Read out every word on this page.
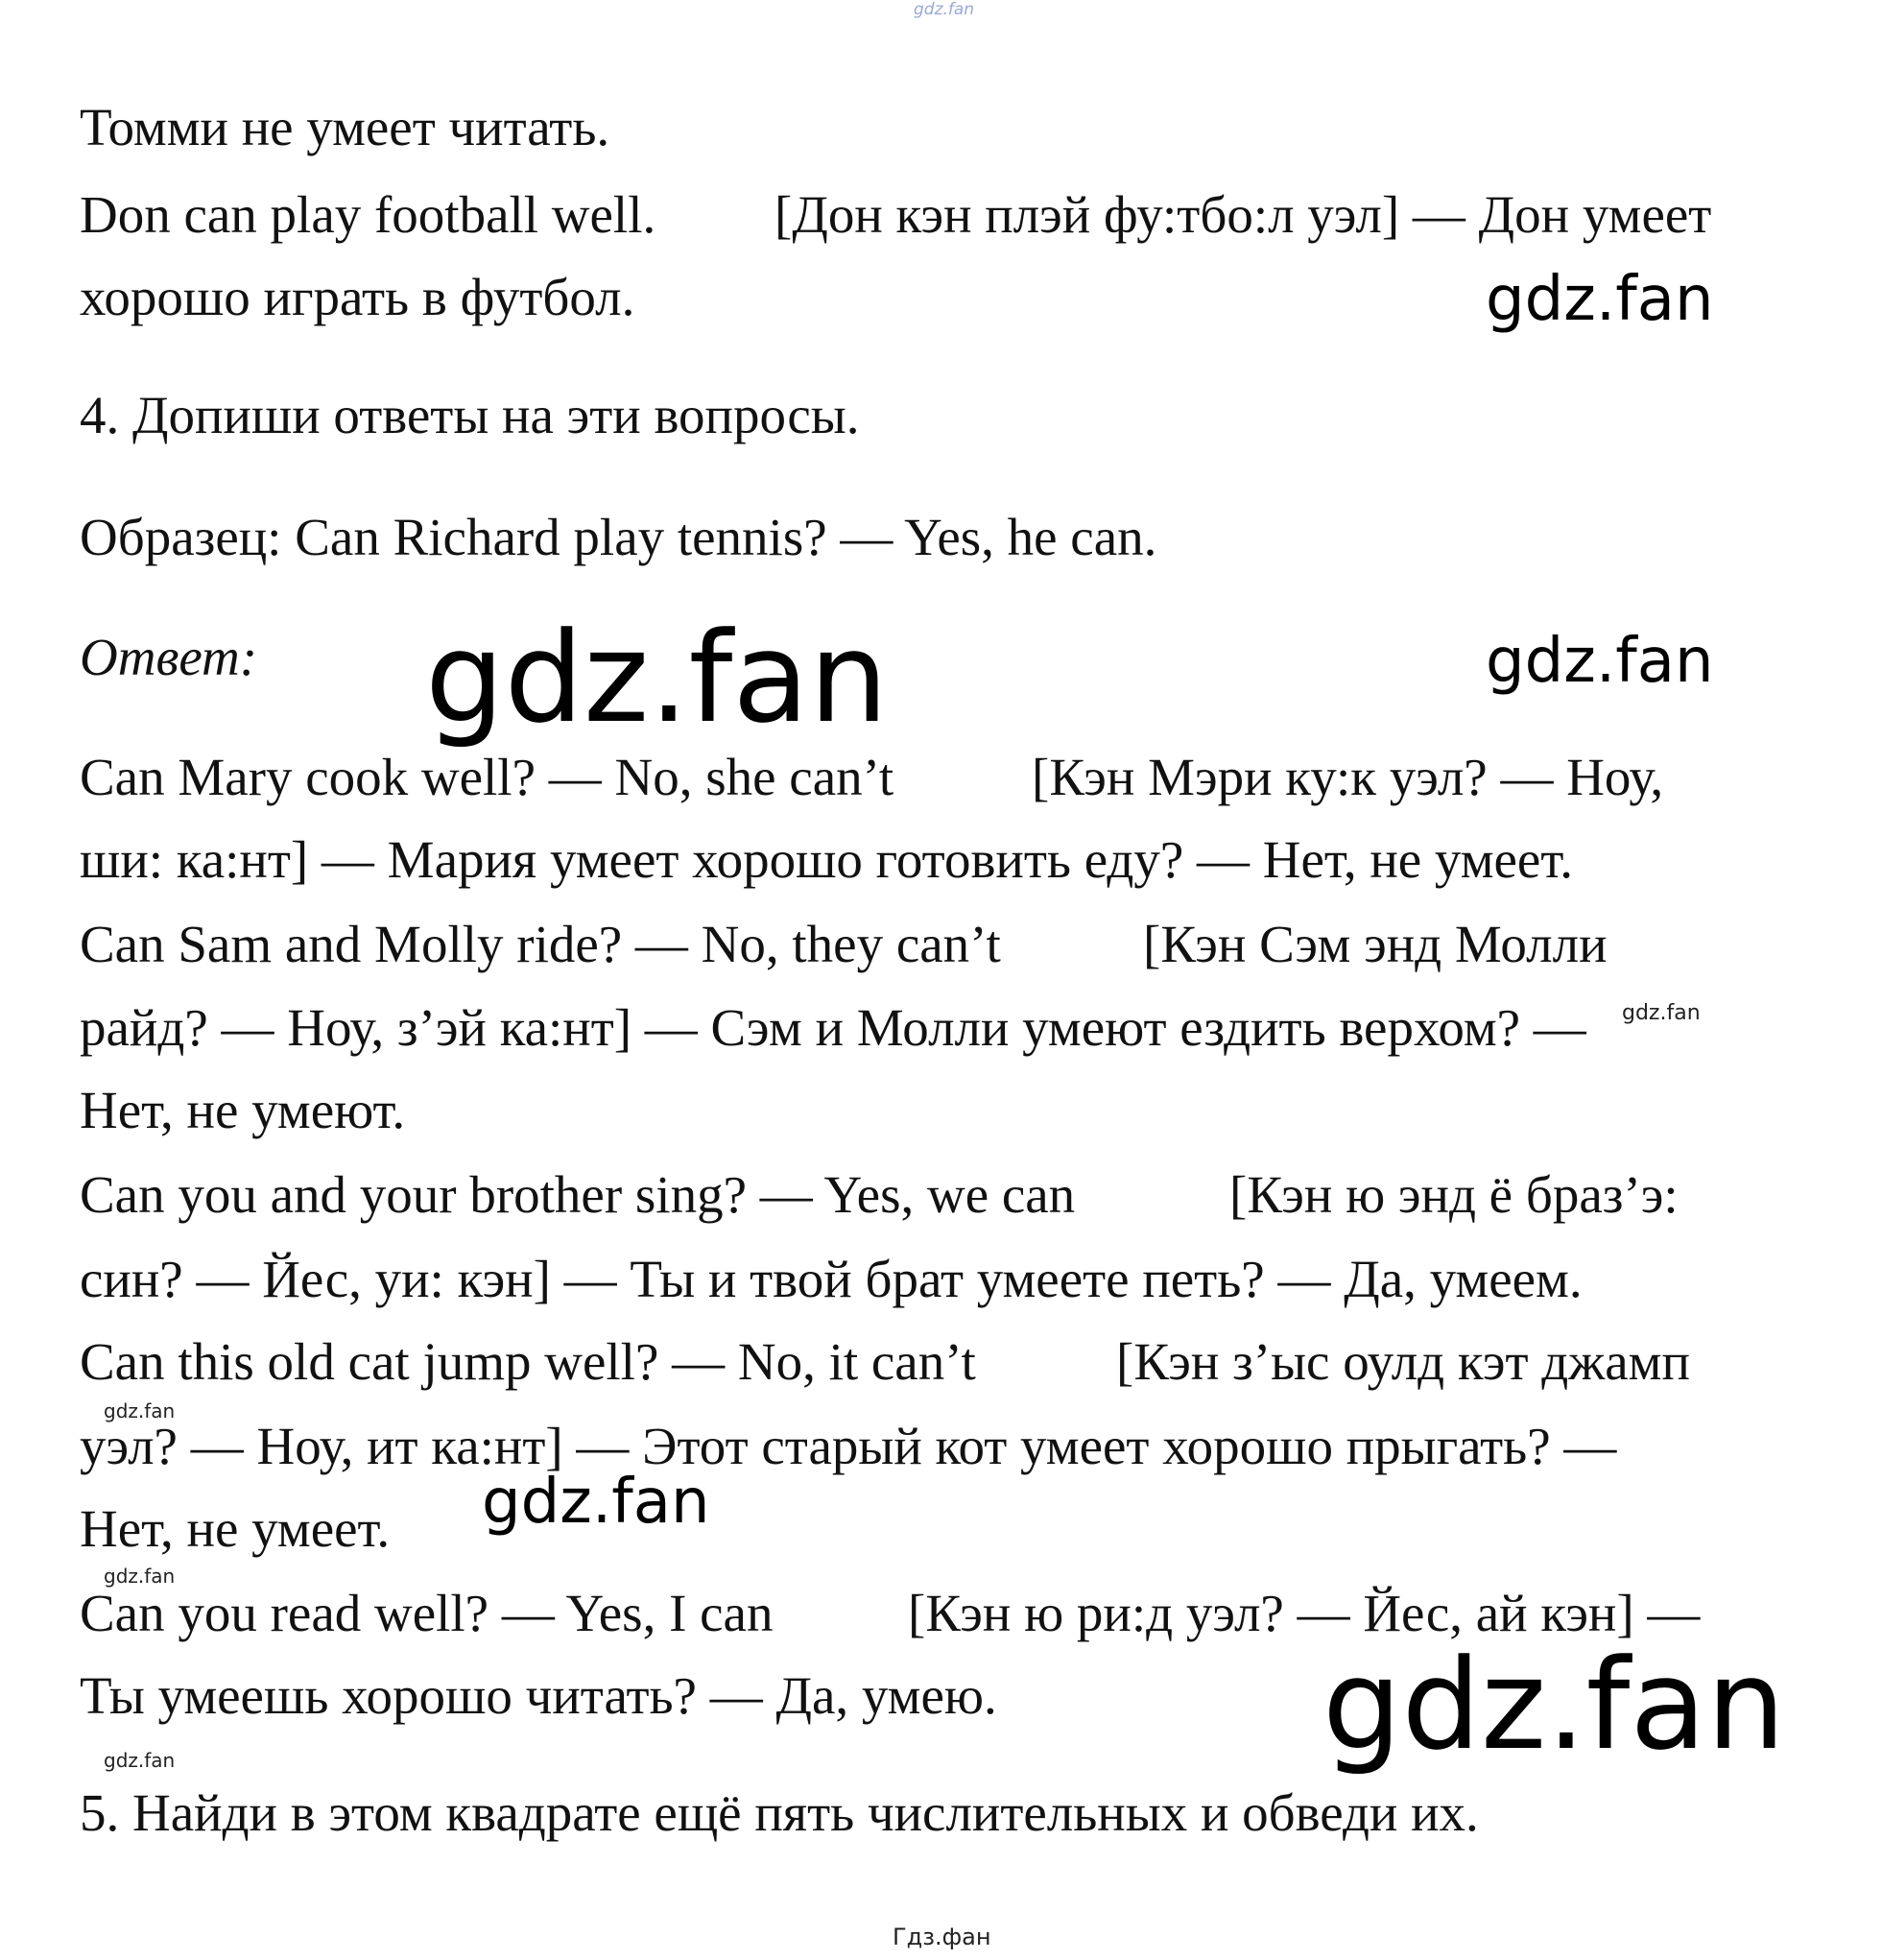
gdz.fan
Томми не умеет читать.
Don can play football well. [Дон кэн плэй фу:тбо:л уэл] — Дон умеет
хорошо играть в футбол.	gdz.fan
4. Допиши ответы на эти вопросы.
Образец: Can Richard play tennis? — Yes, he can.
Ответ: gdz.fan	gdz.fan
Can Mary cook well? — No, she can’t	[Кэн Мэри ку:к уэл? — Ноу,
ши: ка:нт] — Мария умеет хорошо готовить еду? — Нет, не умеет.
Can Sam and Molly ride? — No, they can’t	[Кэн Сэм энд Молли
райд? — Ноу, з’эй ка:нт] — Сэм и Молли умеют ездить верхом? — gdz.fan
Нет, не умеют.
Can you and your brother sing? — Yes, we can	[Кэн ю энд ё браз’э:
син? — Йес, уи: кэн] — Ты и твой брат умеете петь? — Да, умеем.
Can this old cat jump well? — No, it can’t	[Кэн з’ыс оулд кэт джамп
gdz.fan
уэл? — Ноу, ит ка:нт] — Этот старый кот умеет хорошо прыгать? —
Нет, не умеет. gdz.fan
gdz.fan
Can you read well? — Yes, I can	[Кэн ю ри:д уэл? — Йес, ай кэн] —
Ты умеешь хорошо читать? — Да, умею.	gdz.fan
gdz.fan
5. Найди в этом квадрате ещё пять числительных и обведи их.
Гдз.фан
